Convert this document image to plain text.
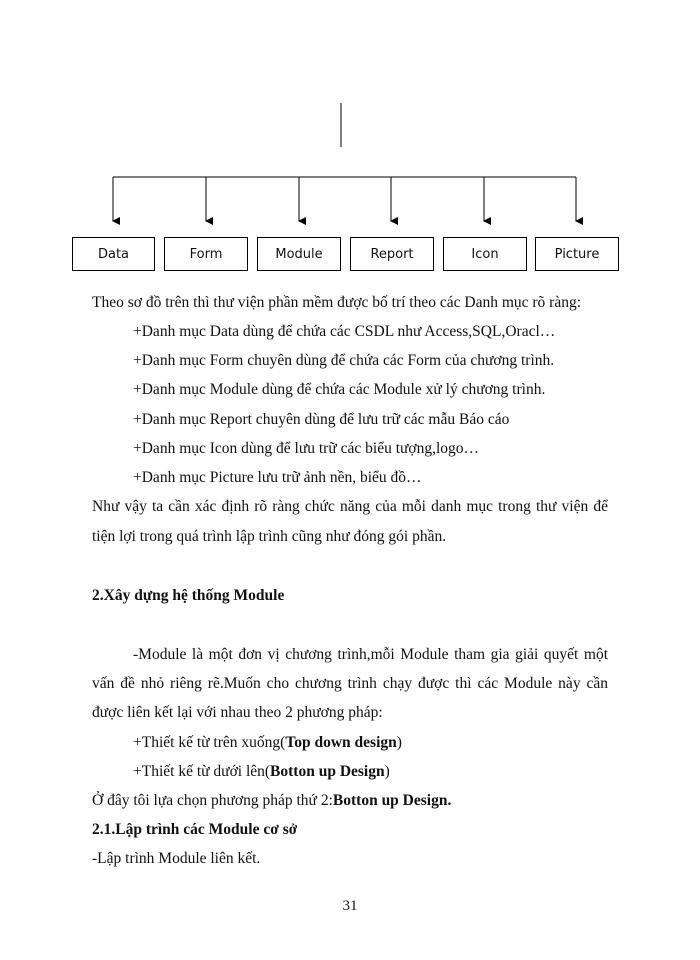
Data	Form	Module	Report	Icon	Picture
Theo sơ đồ trên thì thư viện phần mềm được bố trí theo các Danh mục rõ ràng:
+Danh mục Data dùng để chứa các CSDL như Access,SQL,Oracl…
+Danh mục Form chuyên dùng để chứa các Form của chương trình.
+Danh mục Module dùng để chứa các Module xử lý chương trình.
+Danh mục Report chuyên dùng để lưu trữ các mẫu Báo cáo
+Danh mục Icon dùng để lưu trữ các biểu tượng,logo…
+Danh mục Picture lưu trữ ảnh nền, biểu đồ…
Như vậy ta cần xác định rõ ràng chức năng của mỗi danh mục trong thư viện để
tiện lợi trong quá trình lập trình cũng như đóng gói phần.
2.Xây dựng hệ thống Module
-Module là một đơn vị chương trình,mỗi Module tham gia giải quyết một
vấn đề nhỏ riêng rẽ.Muốn cho chương trình chạy được thì các Module này cần
được liên kết lại với nhau theo 2 phương pháp:
+Thiết kế từ trên xuống(Top down design)
+Thiết kế từ dưới lên(Botton up Design)
Ở đây tôi lựa chọn phương pháp thứ 2:Botton up Design.
2.1.Lập trình các Module cơ sở
-Lập trình Module liên kết.
31
